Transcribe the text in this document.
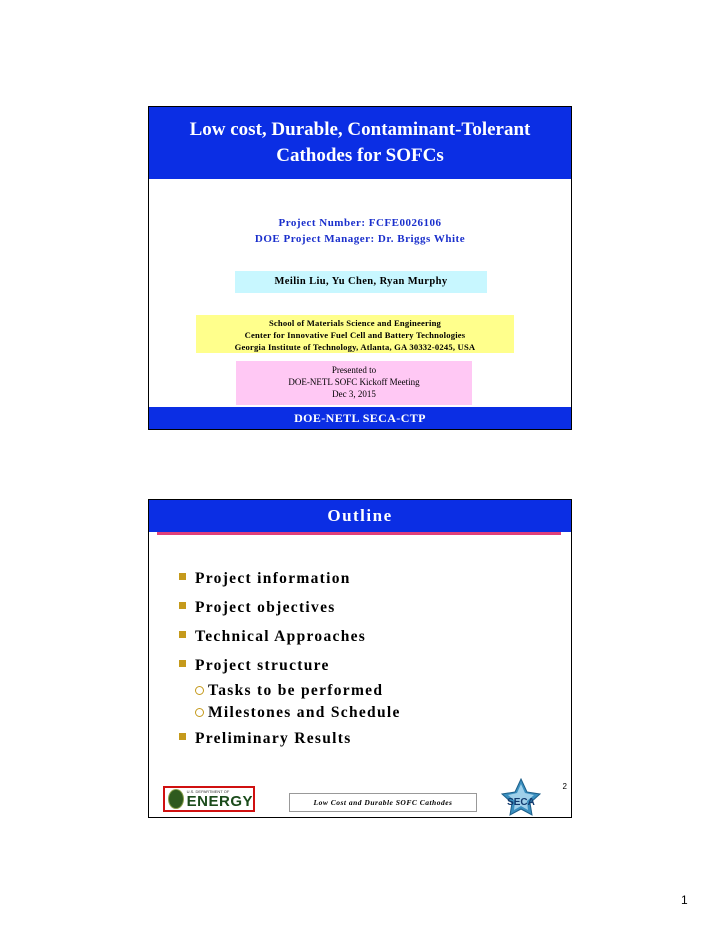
Low cost, Durable, Contaminant-Tolerant
Cathodes for SOFCs
Project Number: FCFE0026106
DOE Project Manager: Dr. Briggs White
Meilin Liu, Yu Chen, Ryan Murphy
School of Materials Science and Engineering
Center for Innovative Fuel Cell and Battery Technologies
Georgia Institute of Technology, Atlanta, GA 30332-0245, USA
Presented to
DOE-NETL SOFC Kickoff Meeting
Dec 3, 2015
DOE-NETL SECA-CTP
Outline
Project information
Project objectives
Technical Approaches
Project structure
Tasks to be performed
Milestones and Schedule
Preliminary Results
2
U.S. DEPARTMENT OF
ENERGY	Low Cost and Durable SOFC Cathodes	SECA
1
